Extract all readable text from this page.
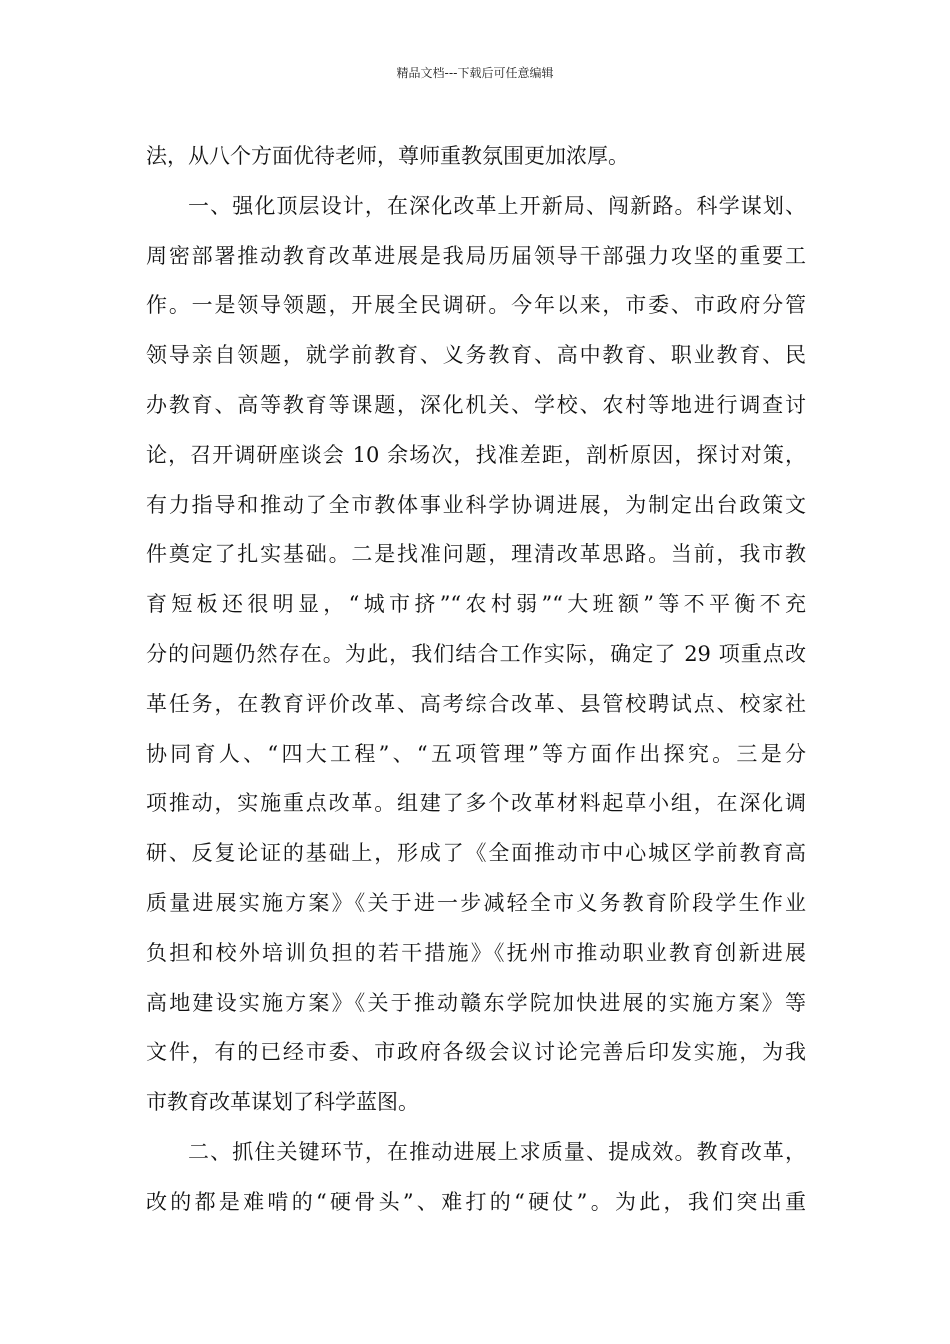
精品文档---下载后可任意编辑
法，从八个方面优待老师，尊师重教氛围更加浓厚。
一、强化顶层设计，在深化改革上开新局、闯新路。科学谋划、
周密部署推动教育改革进展是我局历届领导干部强力攻坚的重要工
作。一是领导领题，开展全民调研。今年以来，市委、市政府分管
领导亲自领题，就学前教育、义务教育、高中教育、职业教育、民
办教育、高等教育等课题，深化机关、学校、农村等地进行调查讨
论，召开调研座谈会 10 余场次，找准差距，剖析原因，探讨对策，
有力指导和推动了全市教体事业科学协调进展，为制定出台政策文
件奠定了扎实基础。二是找准问题，理清改革思路。当前，我市教
育短板还很明显，“城市挤”“农村弱”“大班额”等不平衡不充
分的问题仍然存在。为此，我们结合工作实际，确定了 29 项重点改
革任务，在教育评价改革、高考综合改革、县管校聘试点、校家社
协同育人、“四大工程”、“五项管理”等方面作出探究。三是分
项推动，实施重点改革。组建了多个改革材料起草小组，在深化调
研、反复论证的基础上，形成了《全面推动市中心城区学前教育高
质量进展实施方案》《关于进一步减轻全市义务教育阶段学生作业
负担和校外培训负担的若干措施》《抚州市推动职业教育创新进展
高地建设实施方案》《关于推动赣东学院加快进展的实施方案》等
文件，有的已经市委、市政府各级会议讨论完善后印发实施，为我
市教育改革谋划了科学蓝图。
二、抓住关键环节，在推动进展上求质量、提成效。教育改革，
改的都是难啃的“硬骨头”、难打的“硬仗”。为此，我们突出重
